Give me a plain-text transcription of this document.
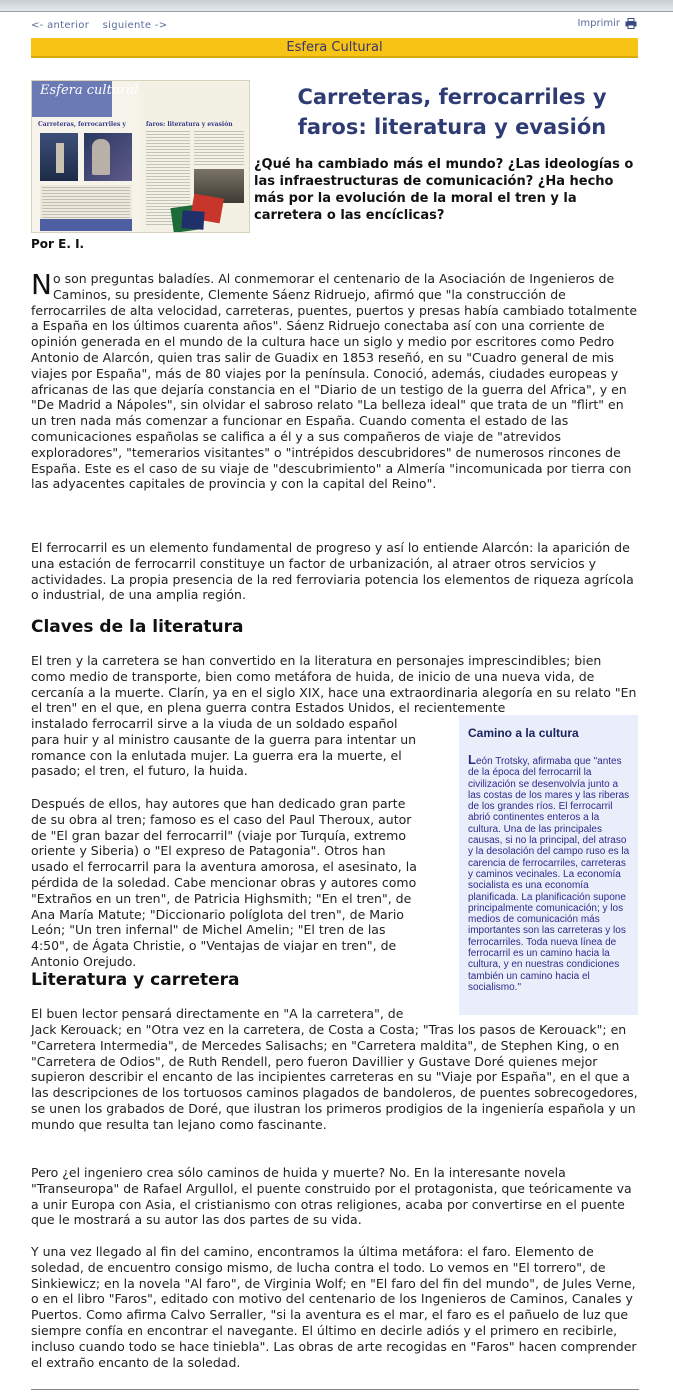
<- anterior siguiente ->	Imprimir
Esfera Cultural
Esfera cultural
Carreteras, ferrocarriles y	faros: literatura y evasión
Carreteras, ferrocarriles y faros: literatura y evasión

¿Qué ha cambiado más el mundo? ¿Las ideologías o las infraestructuras de comunicación? ¿Ha hecho más por la evolución de la moral el tren y la carretera o las encíclicas?

Por E. I.

No son preguntas baladíes. Al conmemorar el centenario de la Asociación de Ingenieros de Caminos, su presidente, Clemente Sáenz Ridruejo, afirmó que "la construcción de ferrocarriles de alta velocidad, carreteras, puentes, puertos y presas había cambiado totalmente a España en los últimos cuarenta años". Sáenz Ridruejo conectaba así con una corriente de opinión generada en el mundo de la cultura hace un siglo y medio por escritores como Pedro Antonio de Alarcón, quien tras salir de Guadix en 1853 reseñó, en su "Cuadro general de mis viajes por España", más de 80 viajes por la península. Conoció, además, ciudades europeas y africanas de las que dejaría constancia en el "Diario de un testigo de la guerra del Africa", y en "De Madrid a Nápoles", sin olvidar el sabroso relato "La belleza ideal" que trata de un "flirt" en un tren nada más comenzar a funcionar en España. Cuando comenta el estado de las comunicaciones españolas se califica a él y a sus compañeros de viaje de "atrevidos exploradores", "temerarios visitantes" o "intrépidos descubridores" de numerosos rincones de España. Este es el caso de su viaje de "descubrimiento" a Almería "incomunicada por tierra con las adyacentes capitales de provincia y con la capital del Reino".

El ferrocarril es un elemento fundamental de progreso y así lo entiende Alarcón: la aparición de una estación de ferrocarril constituye un factor de urbanización, al atraer otros servicios y actividades. La propia presencia de la red ferroviaria potencia los elementos de riqueza agrícola o industrial, de una amplia región.

Claves de la literatura

El tren y la carretera se han convertido en la literatura en personajes imprescindibles; bien como medio de transporte, bien como metáfora de huida, de inicio de una nueva vida, de cercanía a la muerte. Clarín, ya en el siglo XIX, hace una extraordinaria alegoría en su relato "En el tren" en el que, en plena guerra contra Estados Unidos, el recientemente

instalado ferrocarril sirve a la viuda de un soldado español para huir y al ministro causante de la guerra para intentar un romance con la enlutada mujer. La guerra era la muerte, el pasado; el tren, el futuro, la huida.

Después de ellos, hay autores que han dedicado gran parte de su obra al tren; famoso es el caso del Paul Theroux, autor de "El gran bazar del ferrocarril" (viaje por Turquía, extremo oriente y Siberia) o "El expreso de Patagonia". Otros han usado el ferrocarril para la aventura amorosa, el asesinato, la pérdida de la soledad. Cabe mencionar obras y autores como "Extraños en un tren", de Patricia Highsmith; "En el tren", de Ana María Matute; "Diccionario políglota del tren", de Mario León; "Un tren infernal" de Michel Amelin; "El tren de las 4:50", de Ágata Christie, o "Ventajas de viajar en tren", de Antonio Orejudo.

Literatura y carretera

El buen lector pensará directamente en "A la carretera", de

Jack Kerouack; en "Otra vez en la carretera, de Costa a Costa; "Tras los pasos de Kerouack"; en "Carretera Intermedia", de Mercedes Salisachs; en "Carretera maldita", de Stephen King, o en "Carretera de Odios", de Ruth Rendell, pero fueron Davillier y Gustave Doré quienes mejor supieron describir el encanto de las incipientes carreteras en su "Viaje por España", en el que a las descripciones de los tortuosos caminos plagados de bandoleros, de puentes sobrecogedores, se unen los grabados de Doré, que ilustran los primeros prodigios de la ingeniería española y un mundo que resulta tan lejano como fascinante.

Pero ¿el ingeniero crea sólo caminos de huida y muerte? No. En la interesante novela "Transeuropa" de Rafael Argullol, el puente construido por el protagonista, que teóricamente va a unir Europa con Asia, el cristianismo con otras religiones, acaba por convertirse en el puente que le mostrará a su autor las dos partes de su vida.

Y una vez llegado al fin del camino, encontramos la última metáfora: el faro. Elemento de soledad, de encuentro consigo mismo, de lucha contra el todo. Lo vemos en "El torrero", de Sinkiewicz; en la novela "Al faro", de Virginia Wolf; en "El faro del fin del mundo", de Jules Verne, o en el libro "Faros", editado con motivo del centenario de los Ingenieros de Caminos, Canales y Puertos. Como afirma Calvo Serraller, "si la aventura es el mar, el faro es el pañuelo de luz que siempre confía en encontrar el navegante. El último en decirle adiós y el primero en recibirle, incluso cuando todo se hace tiniebla". Las obras de arte recogidas en "Faros" hacen comprender el extraño encanto de la soledad.

Camino a la cultura

León Trotsky, afirmaba que "antes de la época del ferrocarril la civilización se desenvolvía junto a las costas de los mares y las riberas de los grandes ríos. El ferrocarril abrió continentes enteros a la cultura. Una de las principales causas, si no la principal, del atraso y la desolación del campo ruso es la carencia de ferrocarriles, carreteras y caminos vecinales. La economía socialista es una economía planificada. La planificación supone principalmente comunicación; y los medios de comunicación más importantes son las carreteras y los ferrocarriles. Toda nueva línea de ferrocarril es un camino hacia la cultura, y en nuestras condiciones también un camino hacia el socialismo."
